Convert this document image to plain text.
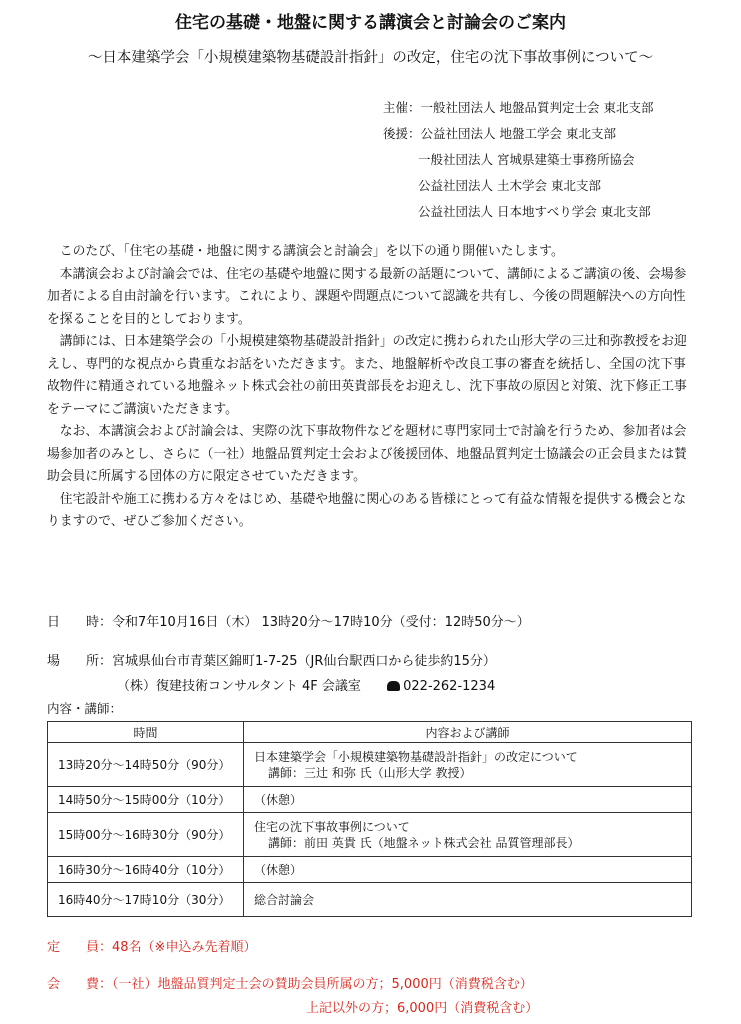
住宅の基礎・地盤に関する講演会と討論会のご案内
～日本建築学会「小規模建築物基礎設計指針」の改定，住宅の沈下事故事例について～
主催：一般社団法人 地盤品質判定士会 東北支部
後援：公益社団法人 地盤工学会 東北支部
一般社団法人 宮城県建築士事務所協会
公益社団法人 土木学会 東北支部
公益社団法人 日本地すべり学会 東北支部

このたび、「住宅の基礎・地盤に関する講演会と討論会」を以下の通り開催いたします。

本講演会および討論会では、住宅の基礎や地盤に関する最新の話題について、講師によるご講演の後、会場参加者による自由討論を行います。これにより、課題や問題点について認識を共有し、今後の問題解決への方向性を探ることを目的としております。

講師には、日本建築学会の「小規模建築物基礎設計指針」の改定に携わられた山形大学の三辻和弥教授をお迎えし、専門的な視点から貴重なお話をいただきます。また、地盤解析や改良工事の審査を統括し、全国の沈下事故物件に精通されている地盤ネット株式会社の前田英貴部長をお迎えし、沈下事故の原因と対策、沈下修正工事をテーマにご講演いただきます。

なお、本講演会および討論会は、実際の沈下事故物件などを題材に専門家同士で討論を行うため、参加者は会場参加者のみとし、さらに（一社）地盤品質判定士会および後援団体、地盤品質判定士協議会の正会員または賛助会員に所属する団体の方に限定させていただきます。

住宅設計や施工に携わる方々をはじめ、基礎や地盤に関心のある皆様にとって有益な情報を提供する機会となりますので、ぜひご参加ください。

日　　時：令和7年10月16日（木） 13時20分～17時10分（受付：12時50分～）
場　　所：宮城県仙台市青葉区錦町1-7-25（JR仙台駅西口から徒歩約15分）
（株）復建技術コンサルタント 4F 会議室	022-262-1234
内容・講師：
時間	内容および講師
13時20分～14時50分（90分）	日本建築学会「小規模建築物基礎設計指針」の改定について
講師：三辻 和弥 氏（山形大学 教授）

14時50分～15時00分（10分）	（休憩）
15時00分～16時30分（90分）	住宅の沈下事故事例について
講師：前田 英貴 氏（地盤ネット株式会社 品質管理部長）

16時30分～16時40分（10分）	（休憩）
16時40分～17時10分（30分）	総合討論会
定　　員：48名（※申込み先着順）
会　　費：（一社）地盤品質判定士会の賛助会員所属の方；5,000円（消費税含む）
上記以外の方；6,000円（消費税含む）
